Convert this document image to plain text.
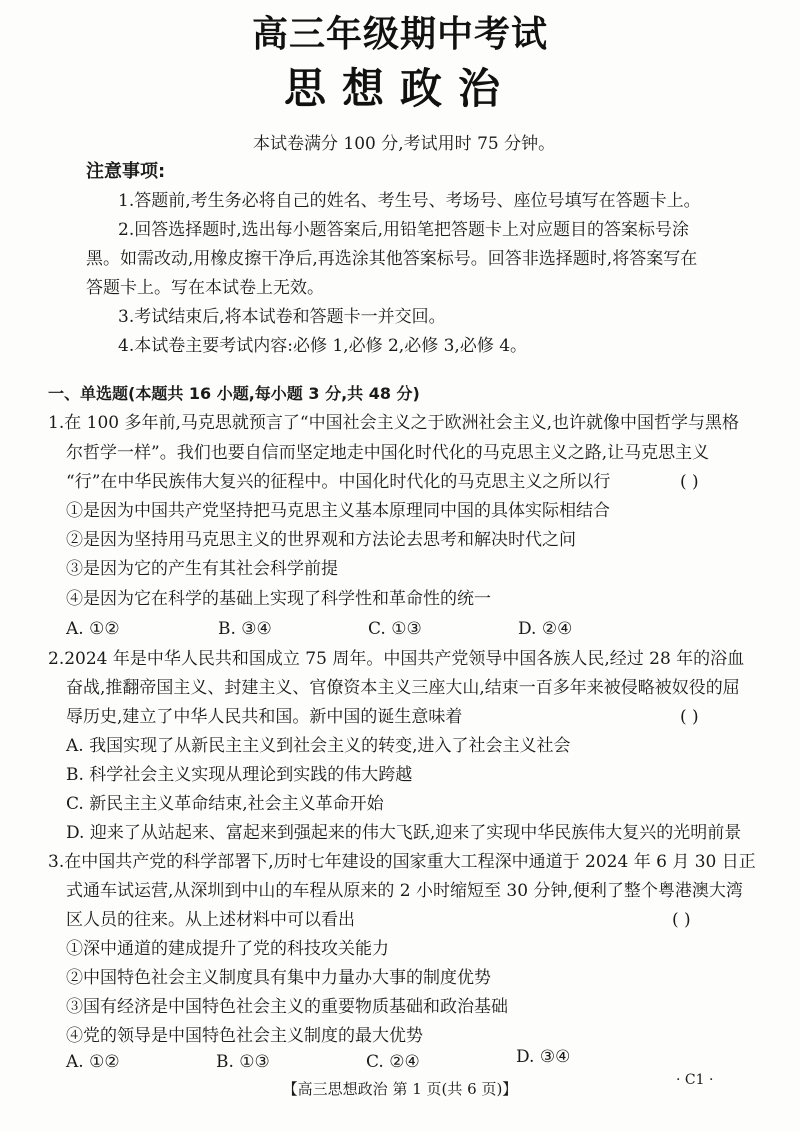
高三年级期中考试
思想政治
本试卷满分 100 分,考试用时 75 分钟。
注意事项:
1.答题前,考生务必将自己的姓名、考生号、考场号、座位号填写在答题卡上。
2.回答选择题时,选出每小题答案后,用铅笔把答题卡上对应题目的答案标号涂
黑。如需改动,用橡皮擦干净后,再选涂其他答案标号。回答非选择题时,将答案写在
答题卡上。写在本试卷上无效。
3.考试结束后,将本试卷和答题卡一并交回。
4.本试卷主要考试内容:必修 1,必修 2,必修 3,必修 4。
一、单选题(本题共 16 小题,每小题 3 分,共 48 分)
1.在 100 多年前,马克思就预言了“中国社会主义之于欧洲社会主义,也许就像中国哲学与黑格
尔哲学一样”。我们也要自信而坚定地走中国化时代化的马克思主义之路,让马克思主义
“行”在中华民族伟大复兴的征程中。中国化时代化的马克思主义之所以行	( )
①是因为中国共产党坚持把马克思主义基本原理同中国的具体实际相结合
②是因为坚持用马克思主义的世界观和方法论去思考和解决时代之问
③是因为它的产生有其社会科学前提
④是因为它在科学的基础上实现了科学性和革命性的统一
A. ①②	B. ③④	C. ①③	D. ②④
2.2024 年是中华人民共和国成立 75 周年。中国共产党领导中国各族人民,经过 28 年的浴血
奋战,推翻帝国主义、封建主义、官僚资本主义三座大山,结束一百多年来被侵略被奴役的屈
辱历史,建立了中华人民共和国。新中国的诞生意味着	( )
A. 我国实现了从新民主主义到社会主义的转变,进入了社会主义社会
B. 科学社会主义实现从理论到实践的伟大跨越
C. 新民主主义革命结束,社会主义革命开始
D. 迎来了从站起来、富起来到强起来的伟大飞跃,迎来了实现中华民族伟大复兴的光明前景
3.在中国共产党的科学部署下,历时七年建设的国家重大工程深中通道于 2024 年 6 月 30 日正
式通车试运营,从深圳到中山的车程从原来的 2 小时缩短至 30 分钟,便利了整个粤港澳大湾
区人员的往来。从上述材料中可以看出	( )
①深中通道的建成提升了党的科技攻关能力
②中国特色社会主义制度具有集中力量办大事的制度优势
③国有经济是中国特色社会主义的重要物质基础和政治基础
④党的领导是中国特色社会主义制度的最大优势
A. ①②	B. ①③	C. ②④	D. ③④
【高三思想政治 第 1 页(共 6 页)】	· C1 ·
